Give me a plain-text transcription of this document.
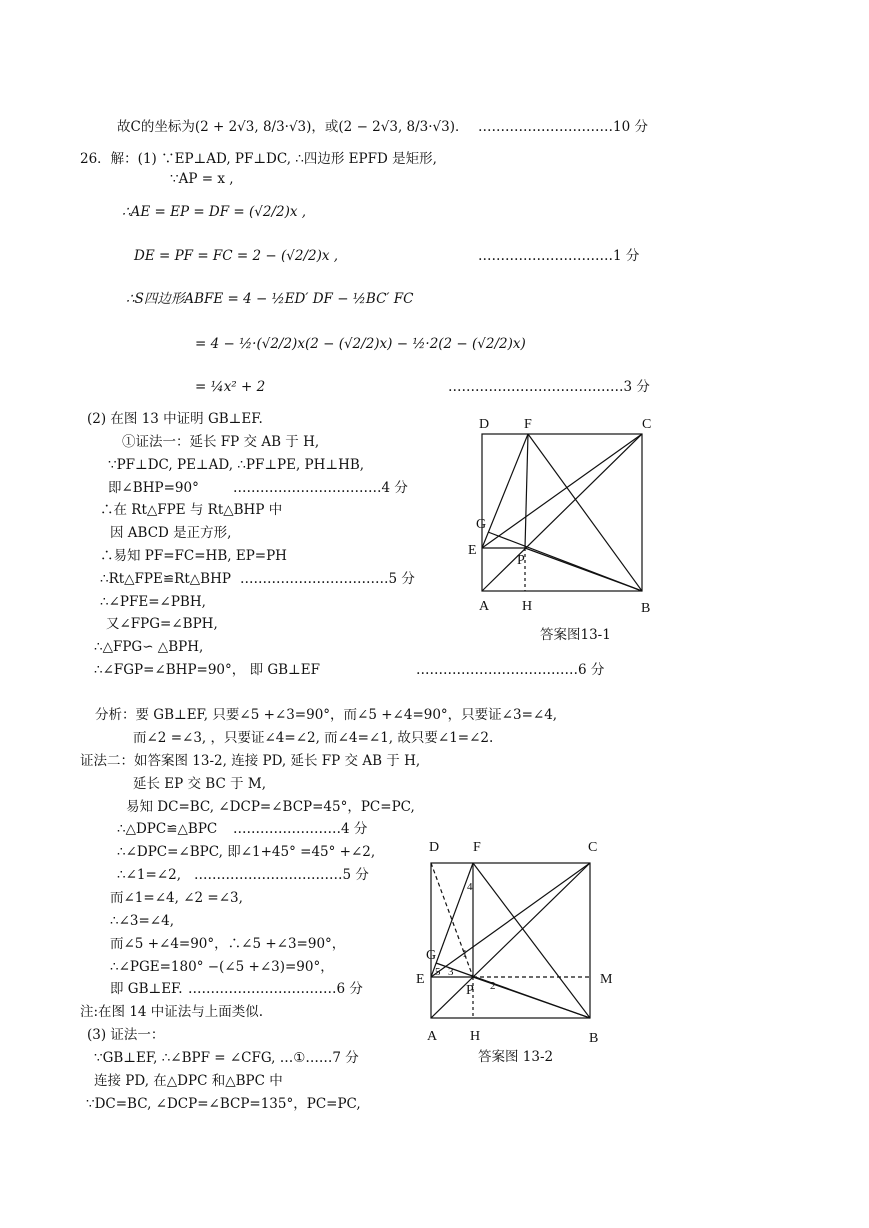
故C的坐标为(2 + 2√3, 8/3·√3)，或(2 − 2√3, 8/3·√3)． …………………………10 分
26．解：(1) ∵EP⊥AD, PF⊥DC, ∴四边形 EPFD 是矩形,
∵AP = x ,
∴AE = EP = DF = (√2/2)x ,
DE = PF = FC = 2 − (√2/2)x ,	…………………………1 分
∴S四边形ABFE = 4 − ½ED′ DF − ½BC′ FC
= 4 − ½·(√2/2)x(2 − (√2/2)x) − ½·2(2 − (√2/2)x)
= ¼x² + 2	…………………………………3 分
(2) 在图 13 中证明 GB⊥EF.
①证法一：延长 FP 交 AB 于 H,
∵PF⊥DC, PE⊥AD, ∴PF⊥PE, PH⊥HB,
即∠BHP=90°	……………………………4 分
∴在 Rt△FPE 与 Rt△BHP 中
因 ABCD 是正方形,
∴易知 PF=FC=HB, EP=PH
∴Rt△FPE≌Rt△BHP ……………………………5 分
∴∠PFE=∠PBH,
又∠FPG=∠BPH,
∴△FPG∽ △BPH,
∴∠FGP=∠BHP=90°， 即 GB⊥EF	………………………………6 分
分析：要 GB⊥EF, 只要∠5 +∠3=90°，而∠5 +∠4=90°，只要证∠3=∠4,
而∠2 =∠3, ，只要证∠4=∠2, 而∠4=∠1, 故只要∠1=∠2.
证法二：如答案图 13-2, 连接 PD, 延长 FP 交 AB 于 H,
延长 EP 交 BC 于 M,
易知 DC=BC, ∠DCP=∠BCP=45°，PC=PC,
∴△DPC≌△BPC ……………………4 分
∴∠DPC=∠BPC, 即∠1+45° =45° +∠2,
∴∠1=∠2, ……………………………5 分
而∠1=∠4, ∠2 =∠3,
∴∠3=∠4,
而∠5 +∠4=90°，∴∠5 +∠3=90°，
∴∠PGE=180° −(∠5 +∠3)=90°，
即 GB⊥EF. ……………………………6 分
注:在图 14 中证法与上面类似.
(3) 证法一：
∵GB⊥EF, ∴∠BPF = ∠CFG, …①……7 分
连接 PD, 在△DPC 和△BPC 中
∵DC=BC, ∠DCP=∠BCP=135°，PC=PC,
D F	C
G
E
P
A H	B
答案图13-1
D F	C
G
E
P
M
A H	B
1
2
3
4
5
答案图 13-2
